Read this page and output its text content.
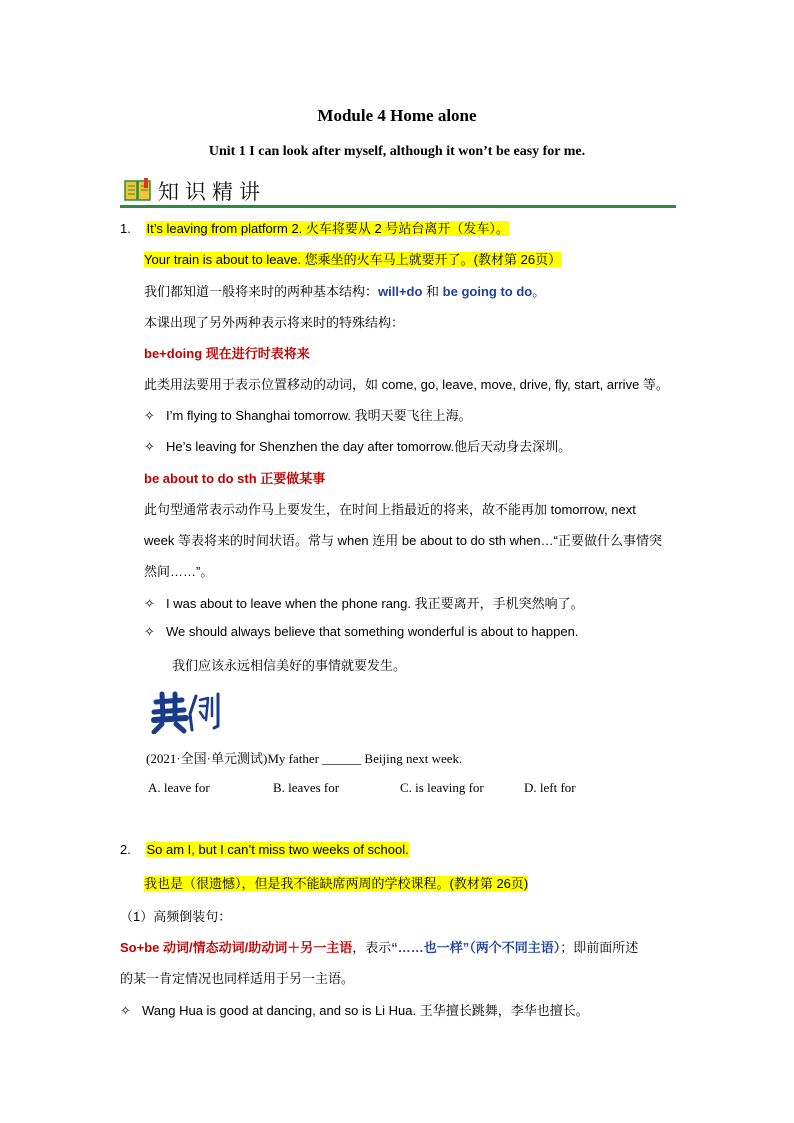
Module 4 Home alone
Unit 1 I can look after myself, although it won’t be easy for me.
知识精讲
1. It’s leaving from platform 2. 火车将要从 2 号站台离开（发车）。
Your train is about to leave. 您乘坐的火车马上就要开了。(教材第 26页）
我们都知道一般将来时的两种基本结构：will+do 和 be going to do。
本课出现了另外两种表示将来时的特殊结构：
be+doing 现在进行时表将来
此类用法要用于表示位置移动的动词，如 come, go, leave, move, drive, fly, start, arrive 等。
✧ I’m flying to Shanghai tomorrow. 我明天要飞往上海。
✧ He’s leaving for Shenzhen the day after tomorrow.他后天动身去深圳。
be about to do sth 正要做某事
此句型通常表示动作马上要发生，在时间上指最近的将来，故不能再加 tomorrow, next
week 等表将来的时间状语。常与 when 连用 be about to do sth when…“正要做什么事情突
然间……”。
✧ I was about to leave when the phone rang. 我正要离开，手机突然响了。
✧ We should always believe that something wonderful is about to happen.
我们应该永远相信美好的事情就要发生。
(2021·全国·单元测试)My father ______ Beijing next week.
A. leave for	B. leaves for	C. is leaving for	D. left for
2. So am I, but I can’t miss two weeks of school.
我也是（很遗憾），但是我不能缺席两周的学校课程。(教材第 26页)
（1）高频倒装句：
So+be 动词/情态动词/助动词＋另一主语，表示“……也一样”（两个不同主语）；即前面所述
的某一肯定情况也同样适用于另一主语。
✧ Wang Hua is good at dancing, and so is Li Hua. 王华擅长跳舞，李华也擅长。
